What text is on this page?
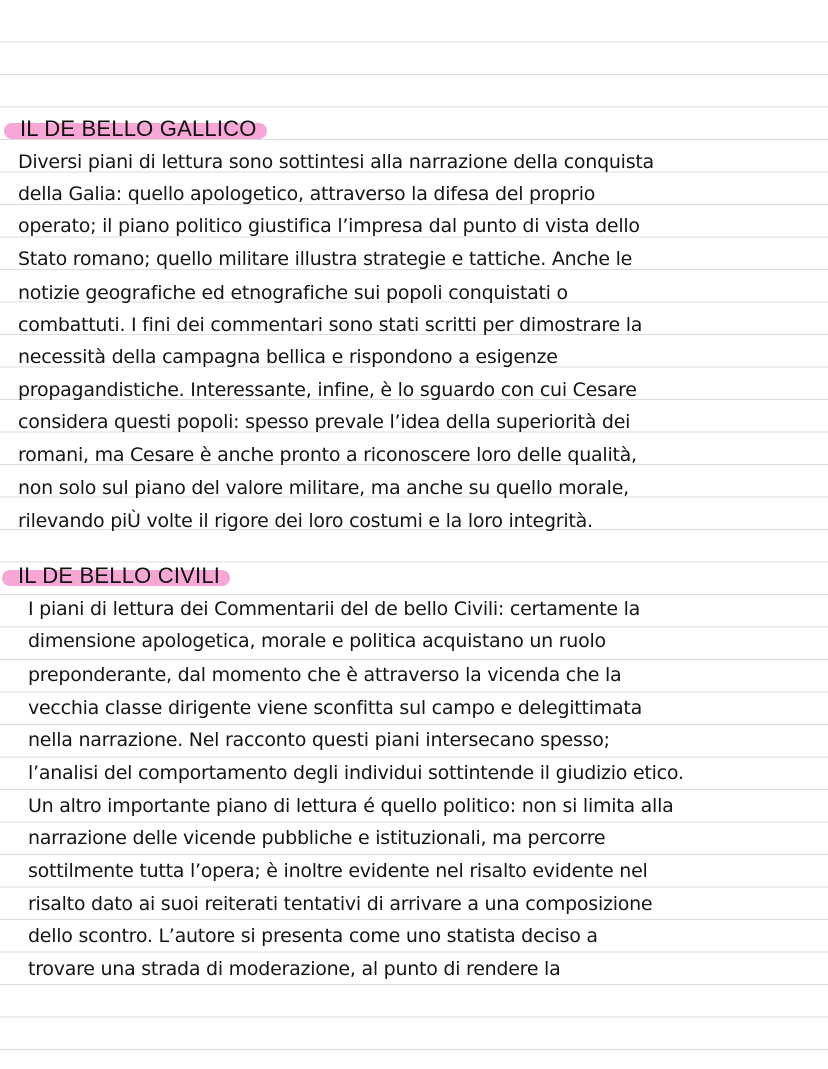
IL DE BELLO GALLICO
Diversi piani di lettura sono sottintesi alla narrazione della conquista
della Galia: quello apologetico, attraverso la difesa del proprio
operato; il piano politico giustifica l’impresa dal punto di vista dello
Stato romano; quello militare illustra strategie e tattiche. Anche le
notizie geografiche ed etnografiche sui popoli conquistati o
combattuti. I fini dei commentari sono stati scritti per dimostrare la
necessità della campagna bellica e rispondono a esigenze
propagandistiche. Interessante, infine, è lo sguardo con cui Cesare
considera questi popoli: spesso prevale l’idea della superiorità dei
romani, ma Cesare è anche pronto a riconoscere loro delle qualità,
non solo sul piano del valore militare, ma anche su quello morale,
rilevando piÙ volte il rigore dei loro costumi e la loro integrità.
IL DE BELLO CIVILI
I piani di lettura dei Commentarii del de bello Civili: certamente la
dimensione apologetica, morale e politica acquistano un ruolo
preponderante, dal momento che è attraverso la vicenda che la
vecchia classe dirigente viene sconfitta sul campo e delegittimata
nella narrazione. Nel racconto questi piani intersecano spesso;
l’analisi del comportamento degli individui sottintende il giudizio etico.
Un altro importante piano di lettura é quello politico: non si limita alla
narrazione delle vicende pubbliche e istituzionali, ma percorre
sottilmente tutta l’opera; è inoltre evidente nel risalto evidente nel
risalto dato ai suoi reiterati tentativi di arrivare a una composizione
dello scontro. L’autore si presenta come uno statista deciso a
trovare una strada di moderazione, al punto di rendere la
